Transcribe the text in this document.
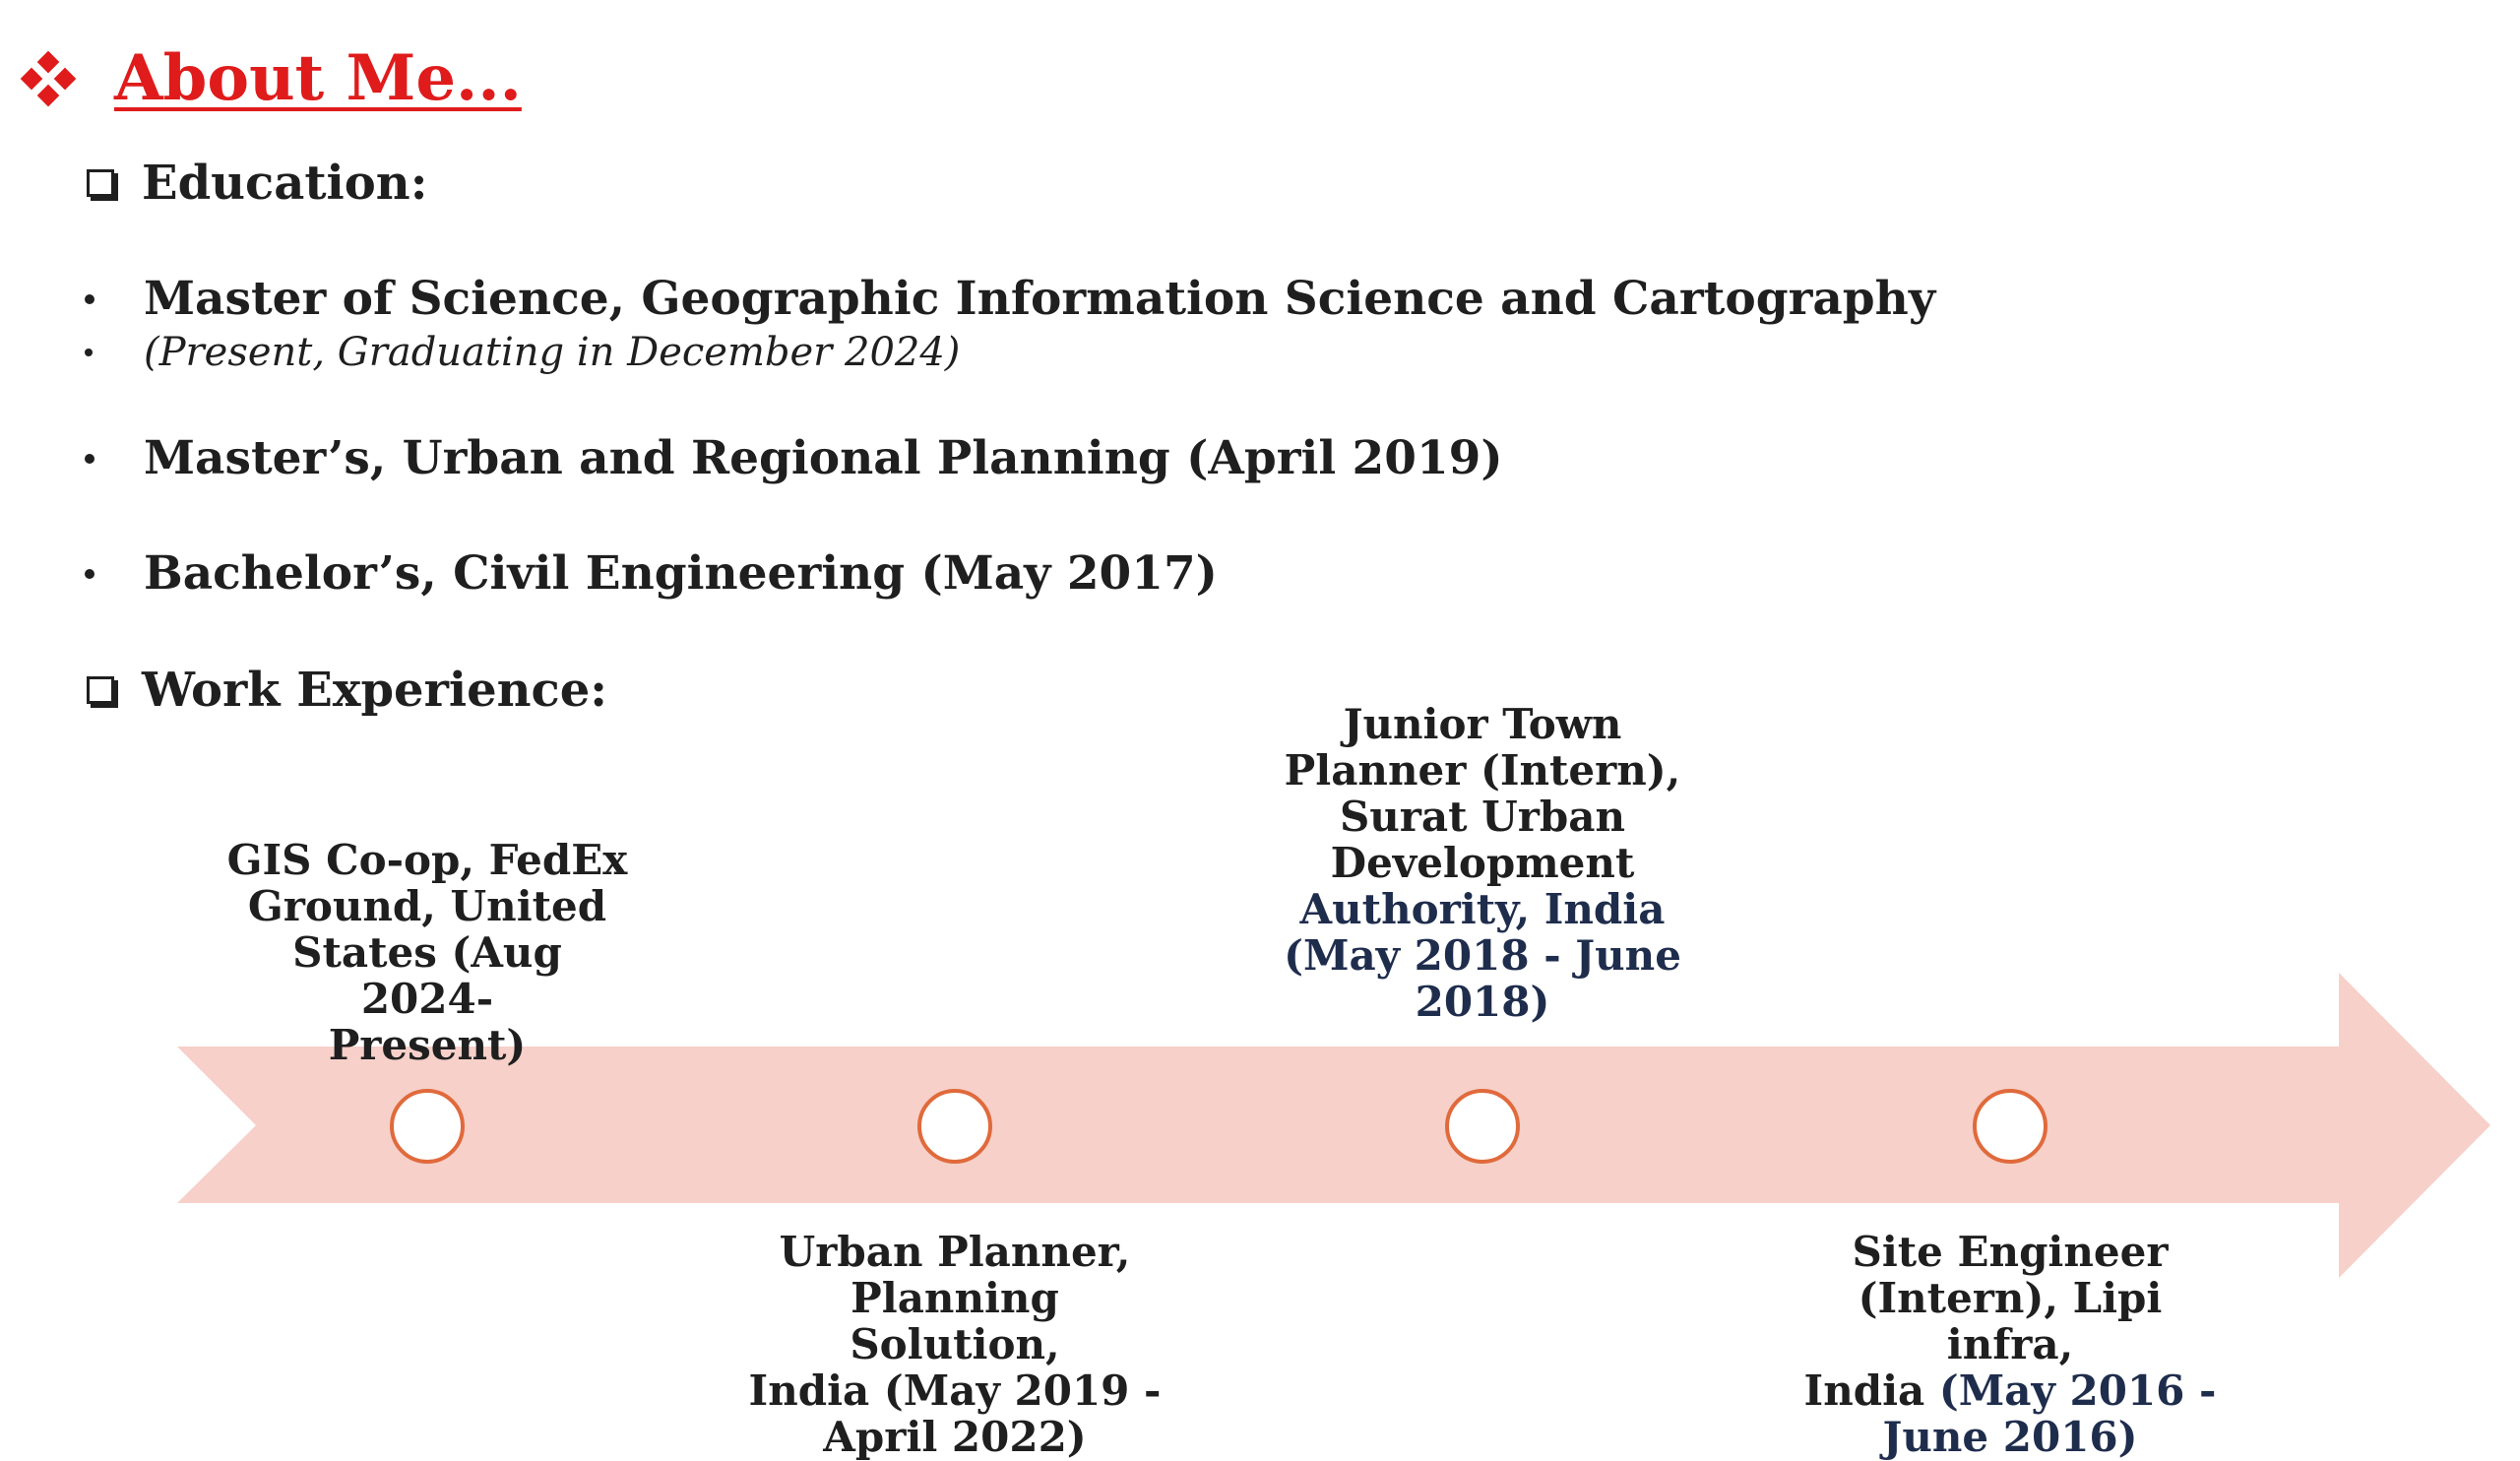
About Me...
Education:
Master of Science, Geographic Information Science and Cartography
(Present, Graduating in December 2024)
Master’s, Urban and Regional Planning (April 2019)
Bachelor’s, Civil Engineering (May 2017)
Work Experience:
GIS Co-op, FedEx
Ground, United
States (Aug 2024-
Present)
Urban Planner,
Planning Solution,
India (May 2019 -
April 2022)
Junior Town
Planner (Intern),
Surat Urban
Development
Authority, India
(May 2018 - June
2018)
Site Engineer
(Intern), Lipi infra,
India (May 2016 -
June 2016)
